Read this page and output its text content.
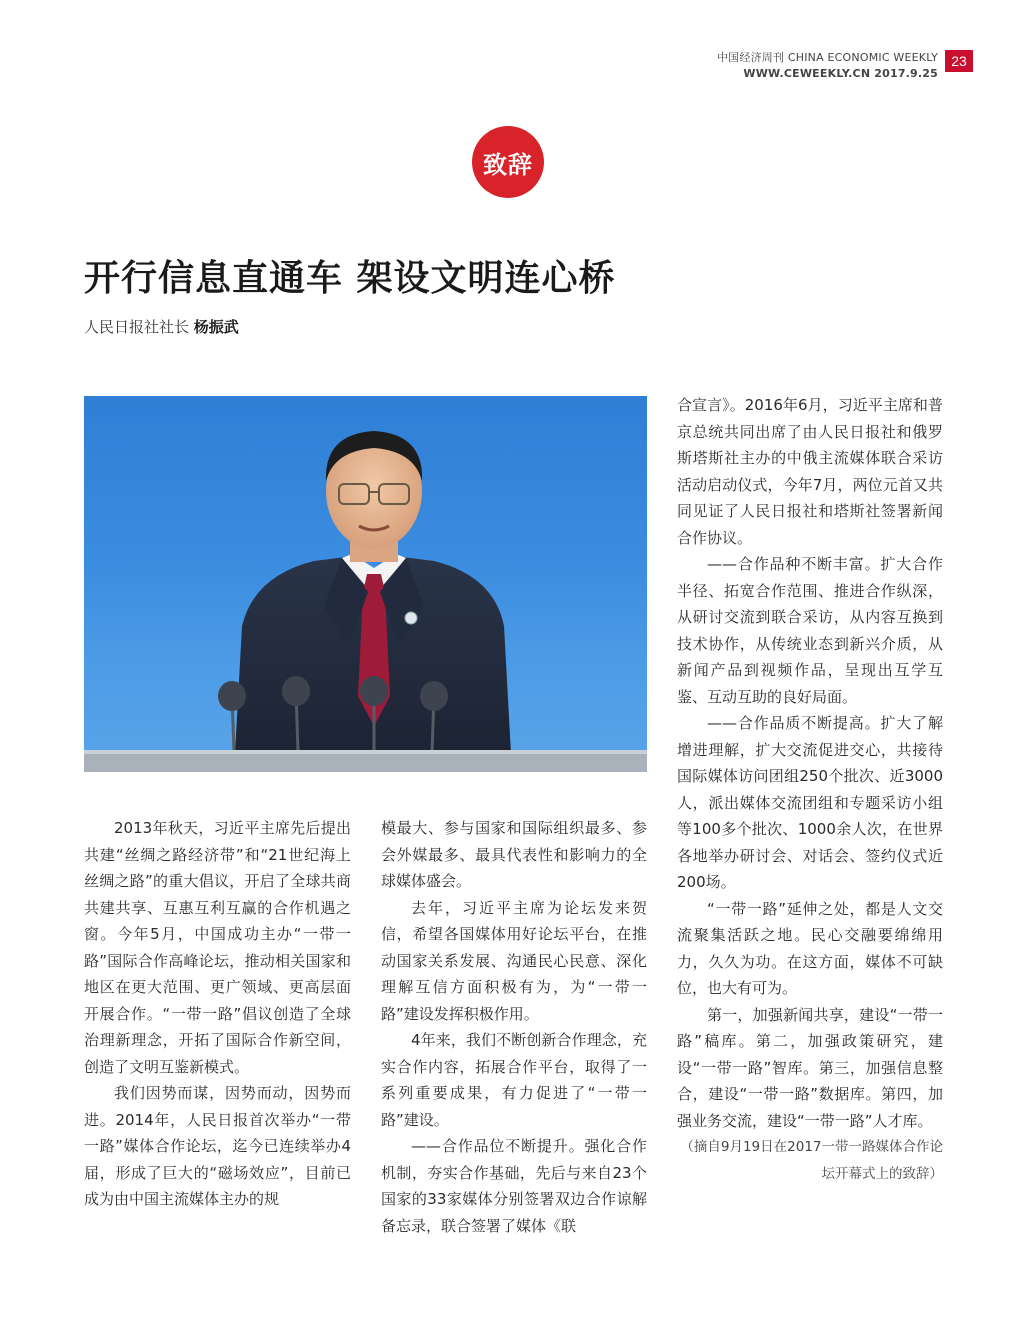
中国经济周刊 CHINA ECONOMIC WEEKLY
WWW.CEWEEKLY.CN 2017.9.25
23
致辞
开行信息直通车 架设文明连心桥
人民日报社社长 杨振武

2013年秋天，习近平主席先后提出共建“丝绸之路经济带”和“21世纪海上丝绸之路”的重大倡议，开启了全球共商共建共享、互惠互利互赢的合作机遇之窗。今年5月，中国成功主办“一带一路”国际合作高峰论坛，推动相关国家和地区在更大范围、更广领域、更高层面开展合作。“一带一路”倡议创造了全球治理新理念，开拓了国际合作新空间，创造了文明互鉴新模式。

我们因势而谋，因势而动，因势而进。2014年，人民日报首次举办“一带一路”媒体合作论坛，迄今已连续举办4届，形成了巨大的“磁场效应”，目前已成为由中国主流媒体主办的规

模最大、参与国家和国际组织最多、参会外媒最多、最具代表性和影响力的全球媒体盛会。

去年，习近平主席为论坛发来贺信，希望各国媒体用好论坛平台，在推动国家关系发展、沟通民心民意、深化理解互信方面积极有为，为“一带一路”建设发挥积极作用。

4年来，我们不断创新合作理念，充实合作内容，拓展合作平台，取得了一系列重要成果，有力促进了“一带一路”建设。

——合作品位不断提升。强化合作机制，夯实合作基础，先后与来自23个国家的33家媒体分别签署双边合作谅解备忘录，联合签署了媒体《联

合宣言》。2016年6月，习近平主席和普京总统共同出席了由人民日报社和俄罗斯塔斯社主办的中俄主流媒体联合采访活动启动仪式，今年7月，两位元首又共同见证了人民日报社和塔斯社签署新闻合作协议。

——合作品种不断丰富。扩大合作半径、拓宽合作范围、推进合作纵深，从研讨交流到联合采访，从内容互换到技术协作，从传统业态到新兴介质，从新闻产品到视频作品，呈现出互学互鉴、互动互助的良好局面。

——合作品质不断提高。扩大了解增进理解，扩大交流促进交心，共接待国际媒体访问团组250个批次、近3000人，派出媒体交流团组和专题采访小组等100多个批次、1000余人次，在世界各地举办研讨会、对话会、签约仪式近200场。

“一带一路”延伸之处，都是人文交流聚集活跃之地。民心交融要绵绵用力，久久为功。在这方面，媒体不可缺位，也大有可为。

第一，加强新闻共享，建设“一带一路”稿库。第二，加强政策研究，建设“一带一路”智库。第三，加强信息整合，建设“一带一路”数据库。第四，加强业务交流，建设“一带一路”人才库。

（摘自9月19日在2017一带一路媒体合作论坛开幕式上的致辞）
